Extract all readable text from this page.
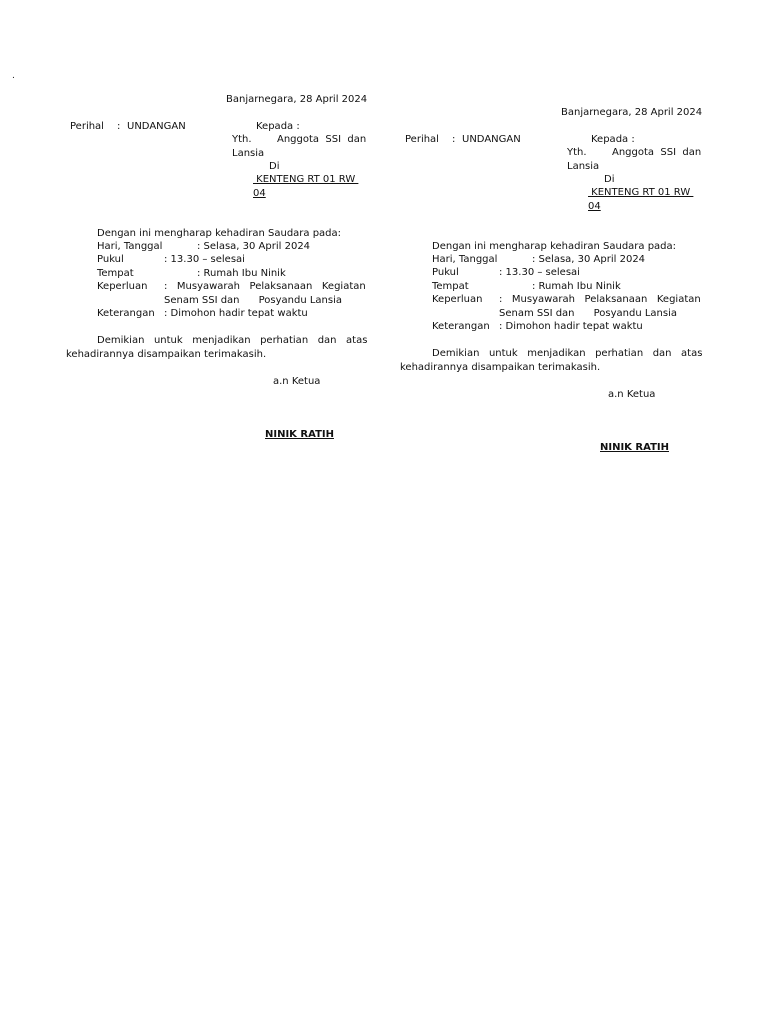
.
Banjarnegara, 28 April 2024
Perihal : UNDANGAN	Kepada :
Yth.        Anggota  SSI  dan
Lansia
Di
KENTENG RT 01 RW
04
Dengan ini mengharap kehadiran Saudara pada:
Hari, Tanggal	: Selasa, 30 April 2024
Pukul	: 13.30 – selesai
Tempat	: Rumah Ibu Ninik
Keperluan :   Musyawarah   Pelaksanaan   Kegiatan
Senam SSI dan      Posyandu Lansia
Keterangan : Dimohon hadir tepat waktu
Demikian   untuk   menjadikan   perhatian   dan   atas
kehadirannya disampaikan terimakasih.
a.n Ketua
NINIK RATIH
Banjarnegara, 28 April 2024
Perihal : UNDANGAN	Kepada :
Yth.        Anggota  SSI  dan
Lansia
Di
KENTENG RT 01 RW
04
Dengan ini mengharap kehadiran Saudara pada:
Hari, Tanggal	: Selasa, 30 April 2024
Pukul	: 13.30 – selesai
Tempat	: Rumah Ibu Ninik
Keperluan :   Musyawarah   Pelaksanaan   Kegiatan
Senam SSI dan      Posyandu Lansia
Keterangan : Dimohon hadir tepat waktu
Demikian   untuk   menjadikan   perhatian   dan   atas
kehadirannya disampaikan terimakasih.
a.n Ketua
NINIK RATIH
